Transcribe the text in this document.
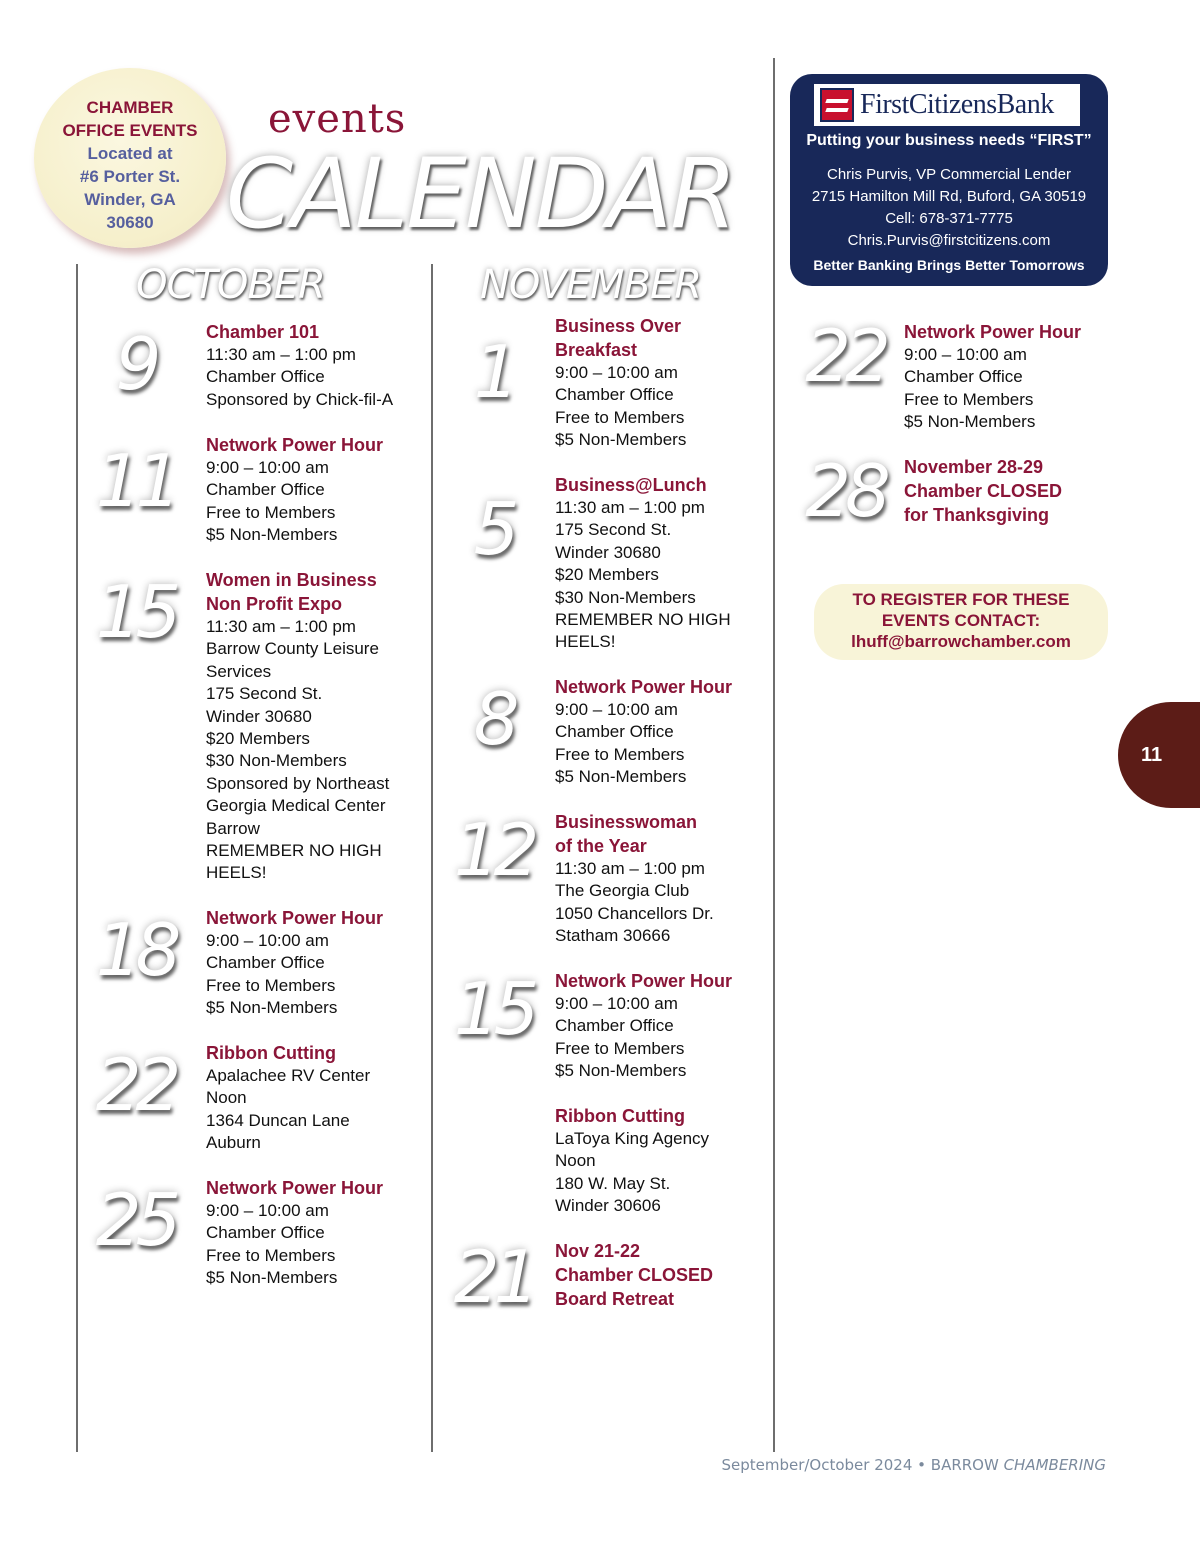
CHAMBER
OFFICE EVENTS
Located at
#6 Porter St.
Winder, GA
30680
events
CALENDAR
OCTOBER	NOVEMBER
9	Chamber 101
11:30 am – 1:00 pm
Chamber Office
Sponsored by Chick-fil-A
11	Network Power Hour
9:00 – 10:00 am
Chamber Office
Free to Members
$5 Non-Members
15	Women in Business
Non Profit Expo
11:30 am – 1:00 pm
Barrow County Leisure
Services
175 Second St.
Winder 30680
$20 Members
$30 Non-Members
Sponsored by Northeast
Georgia Medical Center
Barrow
REMEMBER NO HIGH
HEELS!
18	Network Power Hour
9:00 – 10:00 am
Chamber Office
Free to Members
$5 Non-Members
22	Ribbon Cutting
Apalachee RV Center
Noon
1364 Duncan Lane
Auburn
25	Network Power Hour
9:00 – 10:00 am
Chamber Office
Free to Members
$5 Non-Members
1
Business Over
Breakfast
9:00 – 10:00 am
Chamber Office
Free to Members
$5 Non-Members
5
Business@Lunch
11:30 am – 1:00 pm
175 Second St.
Winder 30680
$20 Members
$30 Non-Members
REMEMBER NO HIGH
HEELS!
8	Network Power Hour
9:00 – 10:00 am
Chamber Office
Free to Members
$5 Non-Members
12	Businesswoman
of the Year
11:30 am – 1:00 pm
The Georgia Club
1050 Chancellors Dr.
Statham 30666
15	Network Power Hour
9:00 – 10:00 am
Chamber Office
Free to Members
$5 Non-Members
Ribbon Cutting
LaToya King Agency
Noon
180 W. May St.
Winder 30606
21	Nov 21-22
Chamber CLOSED
Board Retreat
22	Network Power Hour
9:00 – 10:00 am
Chamber Office
Free to Members
$5 Non-Members
28	November 28-29
Chamber CLOSED
for Thanksgiving
FirstCitizensBank
Putting your business needs “FIRST”
Chris Purvis, VP Commercial Lender
2715 Hamilton Mill Rd, Buford, GA 30519
Cell: 678-371-7775
Chris.Purvis@firstcitizens.com
Better Banking Brings Better Tomorrows
TO REGISTER FOR THESE
EVENTS CONTACT:
lhuff@barrowchamber.com
11
September/October 2024 • BARROW CHAMBERING
